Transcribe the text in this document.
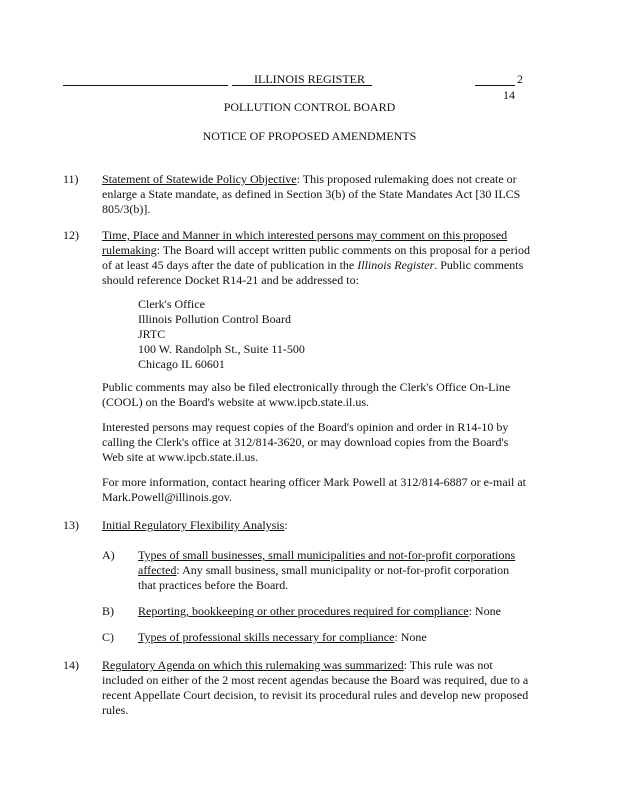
ILLINOIS REGISTER	2
14
POLLUTION CONTROL BOARD
NOTICE OF PROPOSED AMENDMENTS
11) Statement of Statewide Policy Objective: This proposed rulemaking does not create or
enlarge a State mandate, as defined in Section 3(b) of the State Mandates Act [30 ILCS
805/3(b)].
12) Time, Place and Manner in which interested persons may comment on this proposed
rulemaking: The Board will accept written public comments on this proposal for a period
of at least 45 days after the date of publication in the Illinois Register. Public comments
should reference Docket R14-21 and be addressed to:
Clerk's Office
Illinois Pollution Control Board
JRTC
100 W. Randolph St., Suite 11-500
Chicago IL 60601
Public comments may also be filed electronically through the Clerk's Office On-Line
(COOL) on the Board's website at www.ipcb.state.il.us.
Interested persons may request copies of the Board's opinion and order in R14-10 by
calling the Clerk's office at 312/814-3620, or may download copies from the Board's
Web site at www.ipcb.state.il.us.
For more information, contact hearing officer Mark Powell at 312/814-6887 or e-mail at
Mark.Powell@illinois.gov.
13) Initial Regulatory Flexibility Analysis:
A) Types of small businesses, small municipalities and not-for-profit corporations
affected: Any small business, small municipality or not-for-profit corporation
that practices before the Board.
B) Reporting, bookkeeping or other procedures required for compliance: None
C) Types of professional skills necessary for compliance: None
14) Regulatory Agenda on which this rulemaking was summarized: This rule was not
included on either of the 2 most recent agendas because the Board was required, due to a
recent Appellate Court decision, to revisit its procedural rules and develop new proposed
rules.
